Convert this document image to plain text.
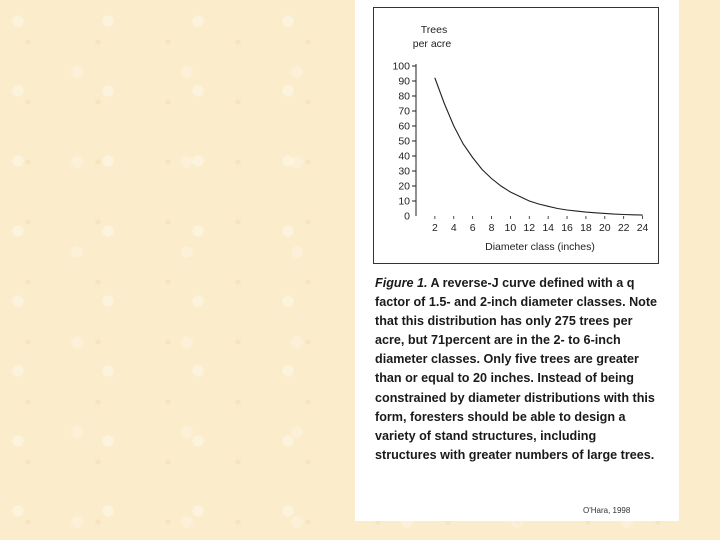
Trees
per acre
Diameter class (inches)
100
90
80
70
60
50
40
30
20
10
0
2 4 6 8 10 12 14 16 18 20 22 24

Figure 1. A reverse-J curve defined with a q factor of 1.5- and 2-inch diameter classes. Note that this distribution has only 275 trees per acre, but 71percent are in the 2- to 6-inch diameter classes. Only five trees are greater than or equal to 20 inches. Instead of being constrained by diameter distributions with this form, foresters should be able to design a variety of stand structures, including structures with greater numbers of large trees.

O'Hara, 1998
